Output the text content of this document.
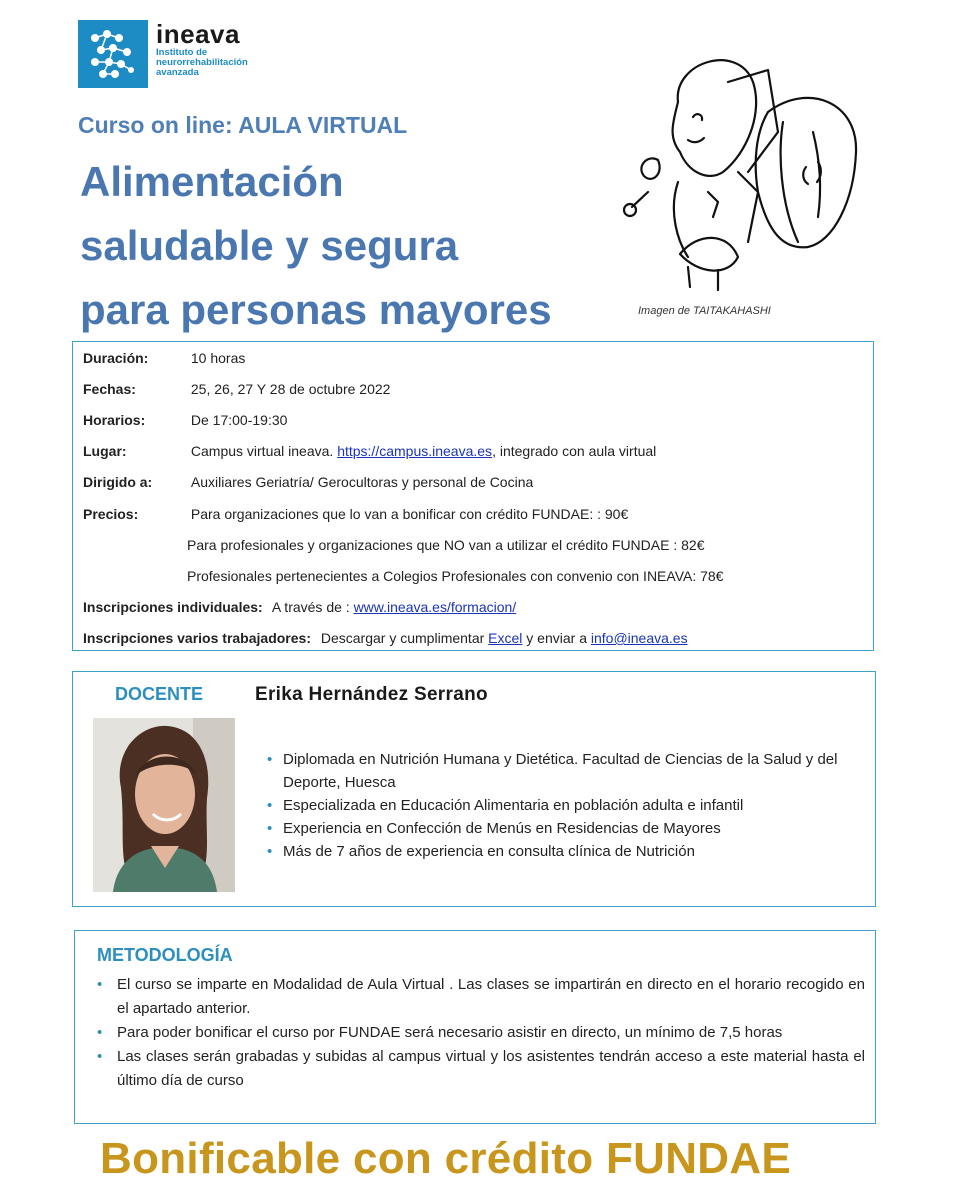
ineava
Instituto de
neurorrehabilitación
avanzada
Curso on line: AULA VIRTUAL
Alimentación
saludable y segura
para personas mayores	Imagen de TAITAKAHASHI
Duración:	10 horas
Fechas:	25, 26, 27 Y 28 de octubre 2022
Horarios:	De 17:00-19:30
Lugar:	Campus virtual ineava. https://campus.ineava.es, integrado con aula virtual
Dirigido a:	Auxiliares Geriatría/ Gerocultoras y personal de Cocina
Precios:	Para organizaciones que lo van a bonificar con crédito FUNDAE: : 90€
Para profesionales y organizaciones que NO van a utilizar el crédito FUNDAE : 82€
Profesionales pertenecientes a Colegios Profesionales con convenio con INEAVA: 78€
Inscripciones individuales: A través de : www.ineava.es/formacion/
Inscripciones varios trabajadores: Descargar y cumplimentar Excel y enviar a info@ineava.es
DOCENTE	Erika Hernández Serrano
• Diplomada en Nutrición Humana y Dietética. Facultad de Ciencias de la Salud y del Deporte, Huesca
• Especializada en Educación Alimentaria en población adulta e infantil
• Experiencia en Confección de Menús en Residencias de Mayores
• Más de 7 años de experiencia en consulta clínica de Nutrición
METODOLOGÍA
• El curso se imparte en Modalidad de Aula Virtual . Las clases se impartirán en directo en el horario recogido en el apartado anterior.
• Para poder bonificar el curso por FUNDAE será necesario asistir en directo, un mínimo de 7,5 horas
• Las clases serán grabadas y subidas al campus virtual y los asistentes tendrán acceso a este material hasta el último día de curso
Bonificable con crédito FUNDAE
